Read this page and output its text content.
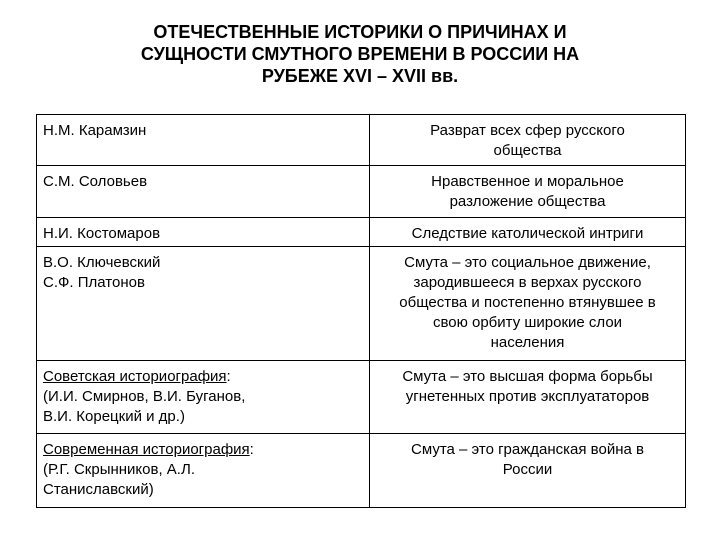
ОТЕЧЕСТВЕННЫЕ ИСТОРИКИ О ПРИЧИНАХ И
СУЩНОСТИ СМУТНОГО ВРЕМЕНИ В РОССИИ НА
РУБЕЖЕ XVI – XVII вв.
Н.М. Карамзин	Разврат всех сфер русского
общества

С.М. Соловьев	Нравственное и моральное
разложение общества

Н.И. Костомаров	Следствие католической интриги

В.О. Ключевский
С.Ф. Платонов	Смута – это социальное движение,
зародившееся в верхах русского
общества и постепенно втянувшее в
свою орбиту широкие слои
населения

Советская историография:
(И.И. Смирнов, В.И. Буганов,
В.И. Корецкий и др.)	Смута – это высшая форма борьбы
угнетенных против эксплуататоров

Современная историография:
(Р.Г. Скрынников, А.Л.
Станиславский)	Смута – это гражданская война в
России
